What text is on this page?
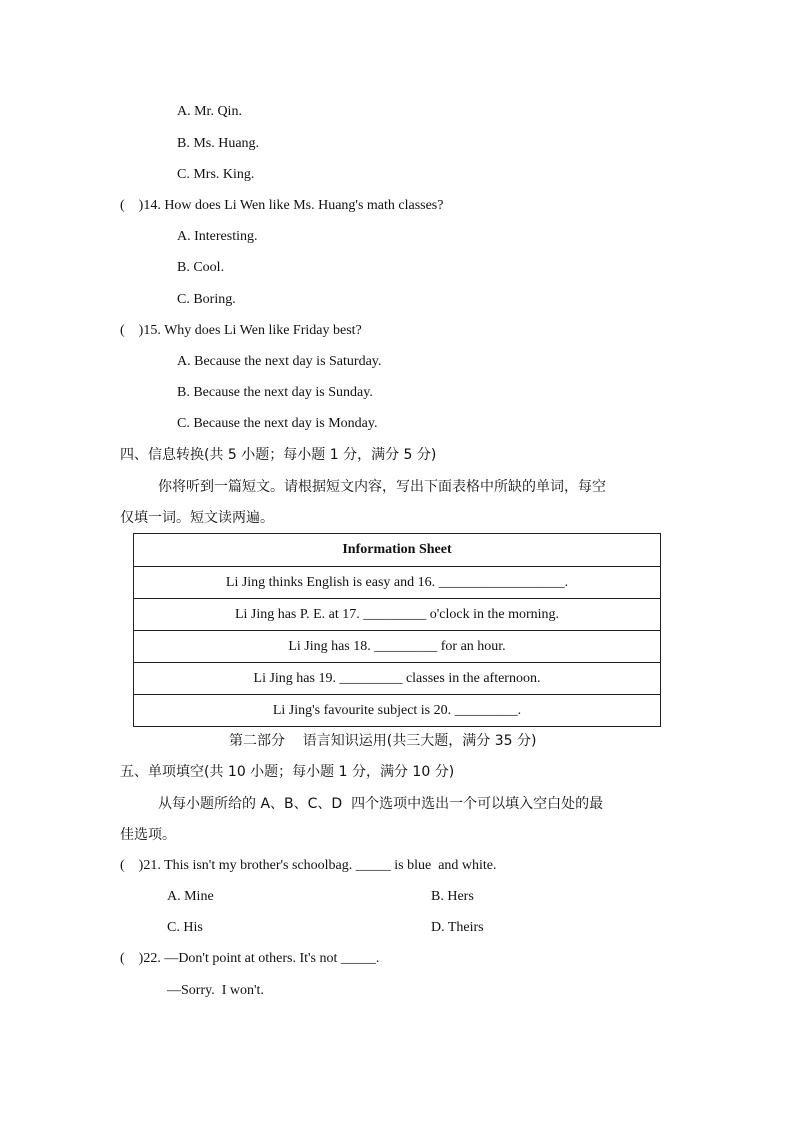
A. Mr. Qin.
B. Ms. Huang.
C. Mrs. King.
(    )14. How does Li Wen like Ms. Huang's math classes?
A. Interesting.
B. Cool.
C. Boring.
(    )15. Why does Li Wen like Friday best?
A. Because the next day is Saturday.
B. Because the next day is Sunday.
C. Because the next day is Monday.
四、信息转换(共 5 小题；每小题 1 分，满分 5 分)
你将听到一篇短文。请根据短文内容，写出下面表格中所缺的单词，每空
仅填一词。短文读两遍。
Information Sheet
Li Jing thinks English is easy and 16. __________________.
Li Jing has P. E. at 17. _________ o'clock in the morning.
Li Jing has 18. _________ for an hour.
Li Jing has 19. _________ classes in the afternoon.
Li Jing's favourite subject is 20. _________.
第二部分    语言知识运用(共三大题，满分 35 分)
五、单项填空(共 10 小题；每小题 1 分，满分 10 分)
从每小题所给的 A、B、C、D  四个选项中选出一个可以填入空白处的最
佳选项。
(    )21. This isn't my brother's schoolbag. _____ is blue  and white.
A. Mine	B. Hers
C. His	D. Theirs
(    )22. —Don't point at others. It's not _____.
—Sorry.  I won't.
